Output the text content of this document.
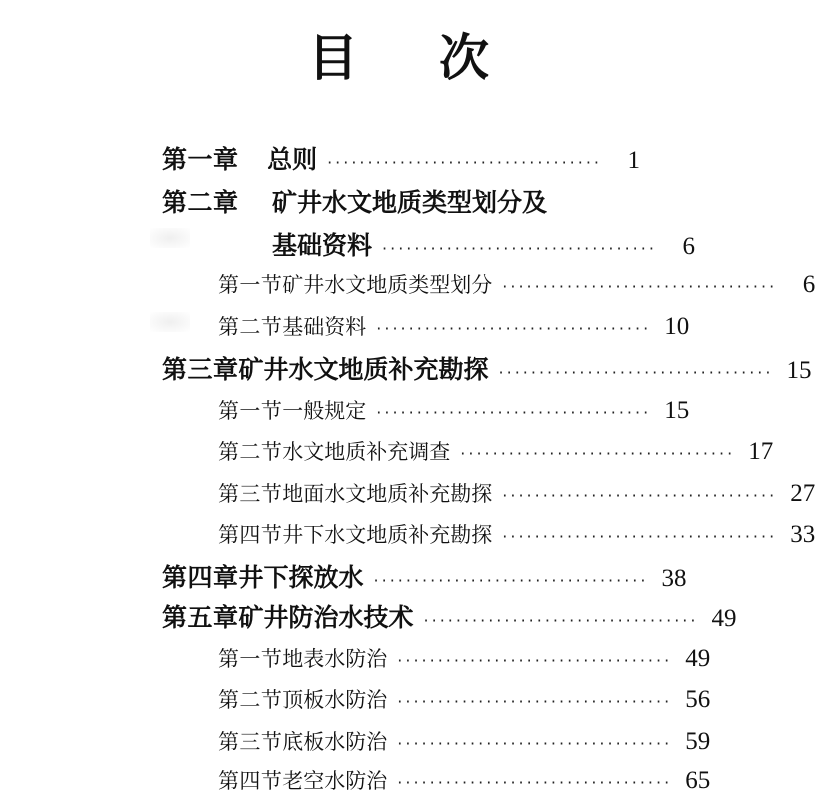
目 次
第一章	总则 ··································	1
第二章	矿井水文地质类型划分及
基础资料 ··································	6
第一节 矿井水文地质类型划分 ··································	6
第二节 基础资料 ·································· 10
第三章 矿井水文地质补充勘探 ·································· 15
第一节 一般规定 ·································· 15
第二节 水文地质补充调查 ·································· 17
第三节 地面水文地质补充勘探 ·································· 27
第四节 井下水文地质补充勘探 ·································· 33
第四章 井下探放水 ·································· 38
第五章 矿井防治水技术 ·································· 49
第一节 地表水防治 ·································· 49
第二节 顶板水防治 ·································· 56
第三节 底板水防治 ·································· 59
第四节 老空水防治 ·································· 65
